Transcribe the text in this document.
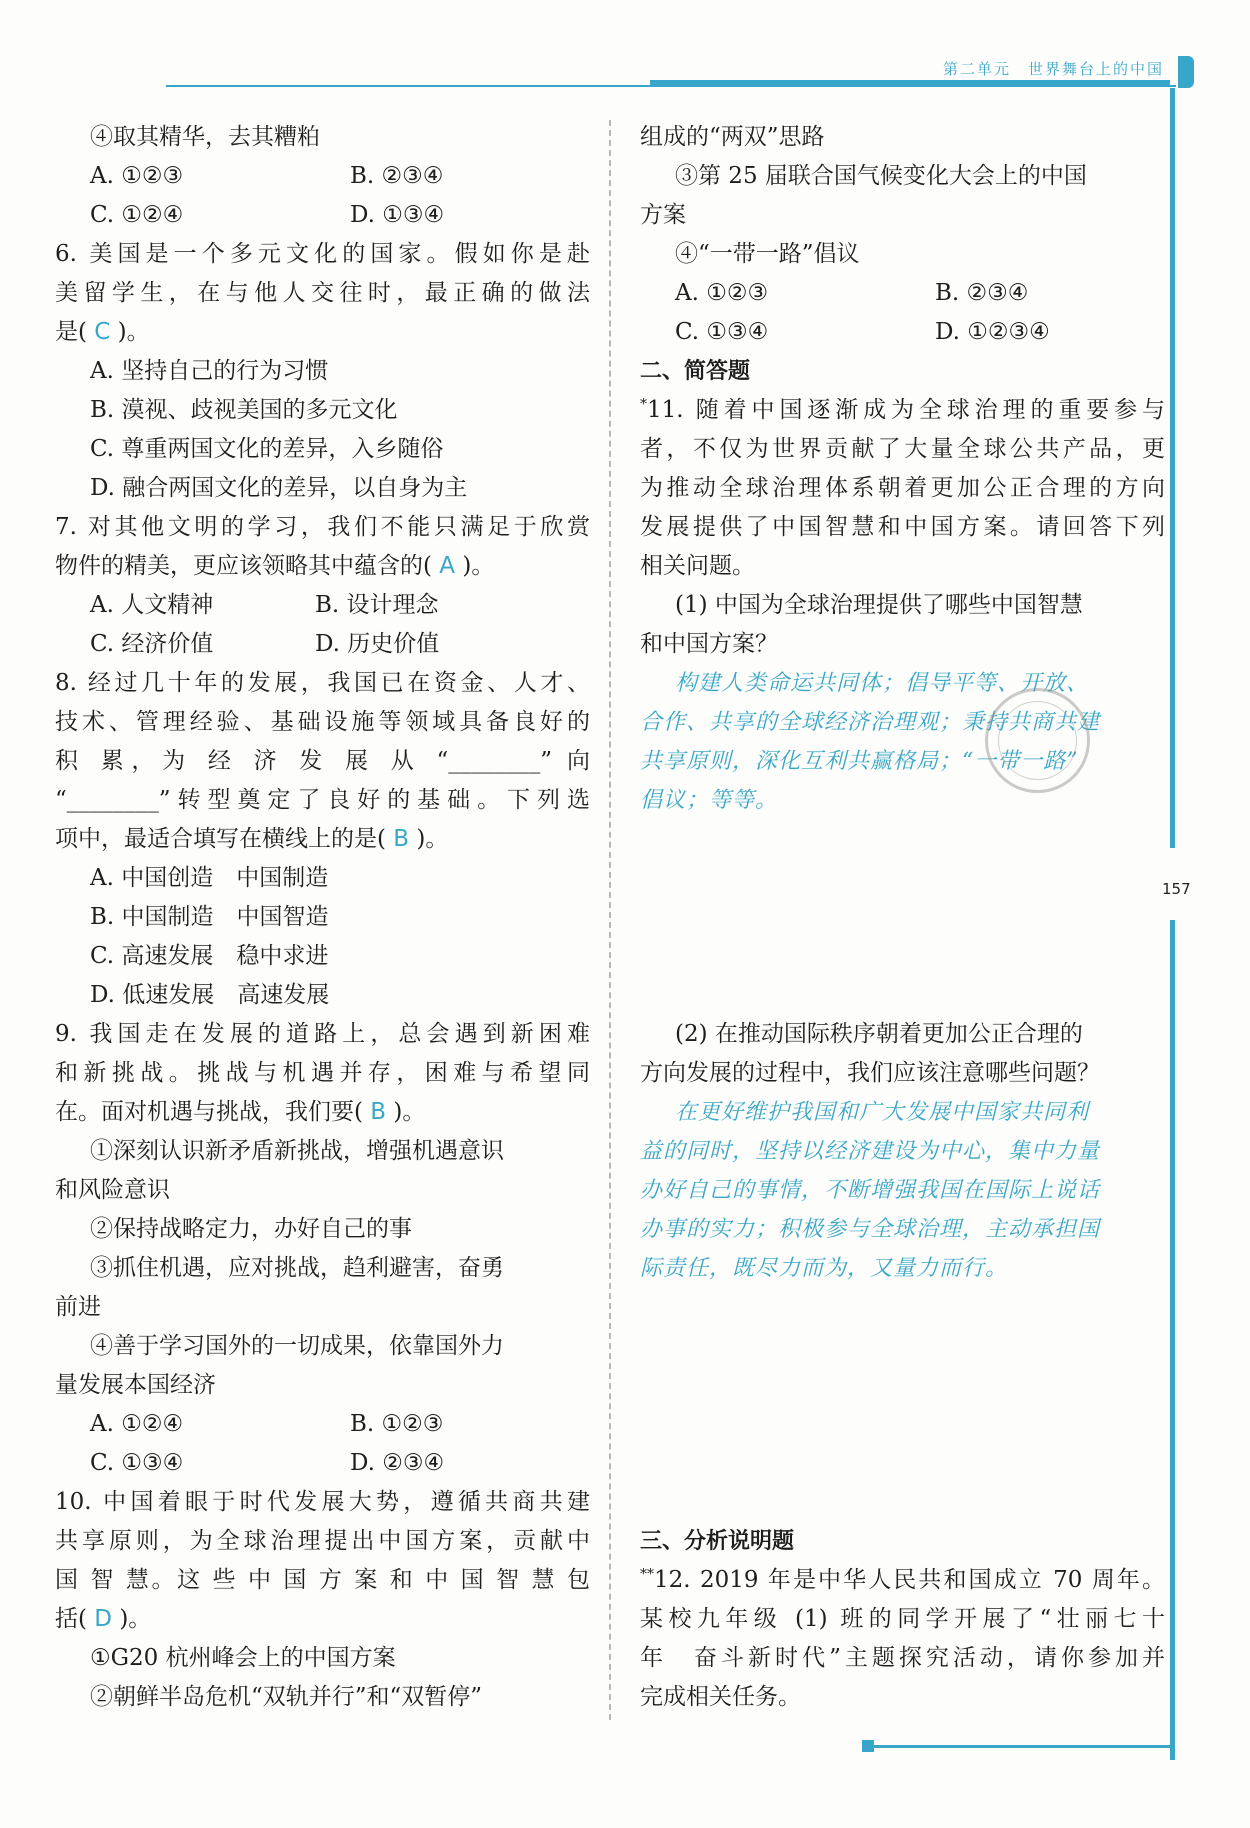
第二单元　世界舞台上的中国
157
④取其精华，去其糟粕
A. ①②③	B. ②③④
C. ①②④	D. ①③④
6. 美国是一个多元文化的国家。假如你是赴
美留学生，在与他人交往时，最正确的做法
是( C )。
A. 坚持自己的行为习惯
B. 漠视、歧视美国的多元文化
C. 尊重两国文化的差异，入乡随俗
D. 融合两国文化的差异，以自身为主
7. 对其他文明的学习，我们不能只满足于欣赏
物件的精美，更应该领略其中蕴含的( A )。
A. 人文精神	B. 设计理念
C. 经济价值	D. 历史价值
8. 经过几十年的发展，我国已在资金、人才、
技术、管理经验、基础设施等领域具备良好的
积 累，为 经 济 发 展 从 “________” 向
“________”转型奠定了良好的基础。下列选
项中，最适合填写在横线上的是( B )。
A. 中国创造　中国制造
B. 中国制造　中国智造
C. 高速发展　稳中求进
D. 低速发展　高速发展
9. 我国走在发展的道路上，总会遇到新困难
和新挑战。挑战与机遇并存，困难与希望同
在。面对机遇与挑战，我们要( B )。
①深刻认识新矛盾新挑战，增强机遇意识
和风险意识
②保持战略定力，办好自己的事
③抓住机遇，应对挑战，趋利避害，奋勇
前进
④善于学习国外的一切成果，依靠国外力
量发展本国经济
A. ①②④	B. ①②③
C. ①③④	D. ②③④
10. 中国着眼于时代发展大势，遵循共商共建
共享原则，为全球治理提出中国方案，贡献中
国 智 慧。这 些 中 国 方 案 和 中 国 智 慧 包
括( D )。
①G20 杭州峰会上的中国方案
②朝鲜半岛危机“双轨并行”和“双暂停”
组成的“两双”思路
③第 25 届联合国气候变化大会上的中国
方案
④“一带一路”倡议
A. ①②③	B. ②③④
C. ①③④	D. ①②③④
二、简答题
*11. 随着中国逐渐成为全球治理的重要参与
者，不仅为世界贡献了大量全球公共产品，更
为推动全球治理体系朝着更加公正合理的方向
发展提供了中国智慧和中国方案。请回答下列
相关问题。
(1) 中国为全球治理提供了哪些中国智慧
和中国方案？
构建人类命运共同体；倡导平等、开放、
合作、共享的全球经济治理观；秉持共商共建
共享原则，深化互利共赢格局；“一带一路”
倡议；等等。
(2) 在推动国际秩序朝着更加公正合理的
方向发展的过程中，我们应该注意哪些问题？
在更好维护我国和广大发展中国家共同利
益的同时，坚持以经济建设为中心，集中力量
办好自己的事情，不断增强我国在国际上说话
办事的实力；积极参与全球治理，主动承担国
际责任，既尽力而为，又量力而行。
三、分析说明题
**12. 2019 年是中华人民共和国成立 70 周年。
某校九年级 (1) 班的同学开展了“壮丽七十
年　奋斗新时代”主题探究活动，请你参加并
完成相关任务。
